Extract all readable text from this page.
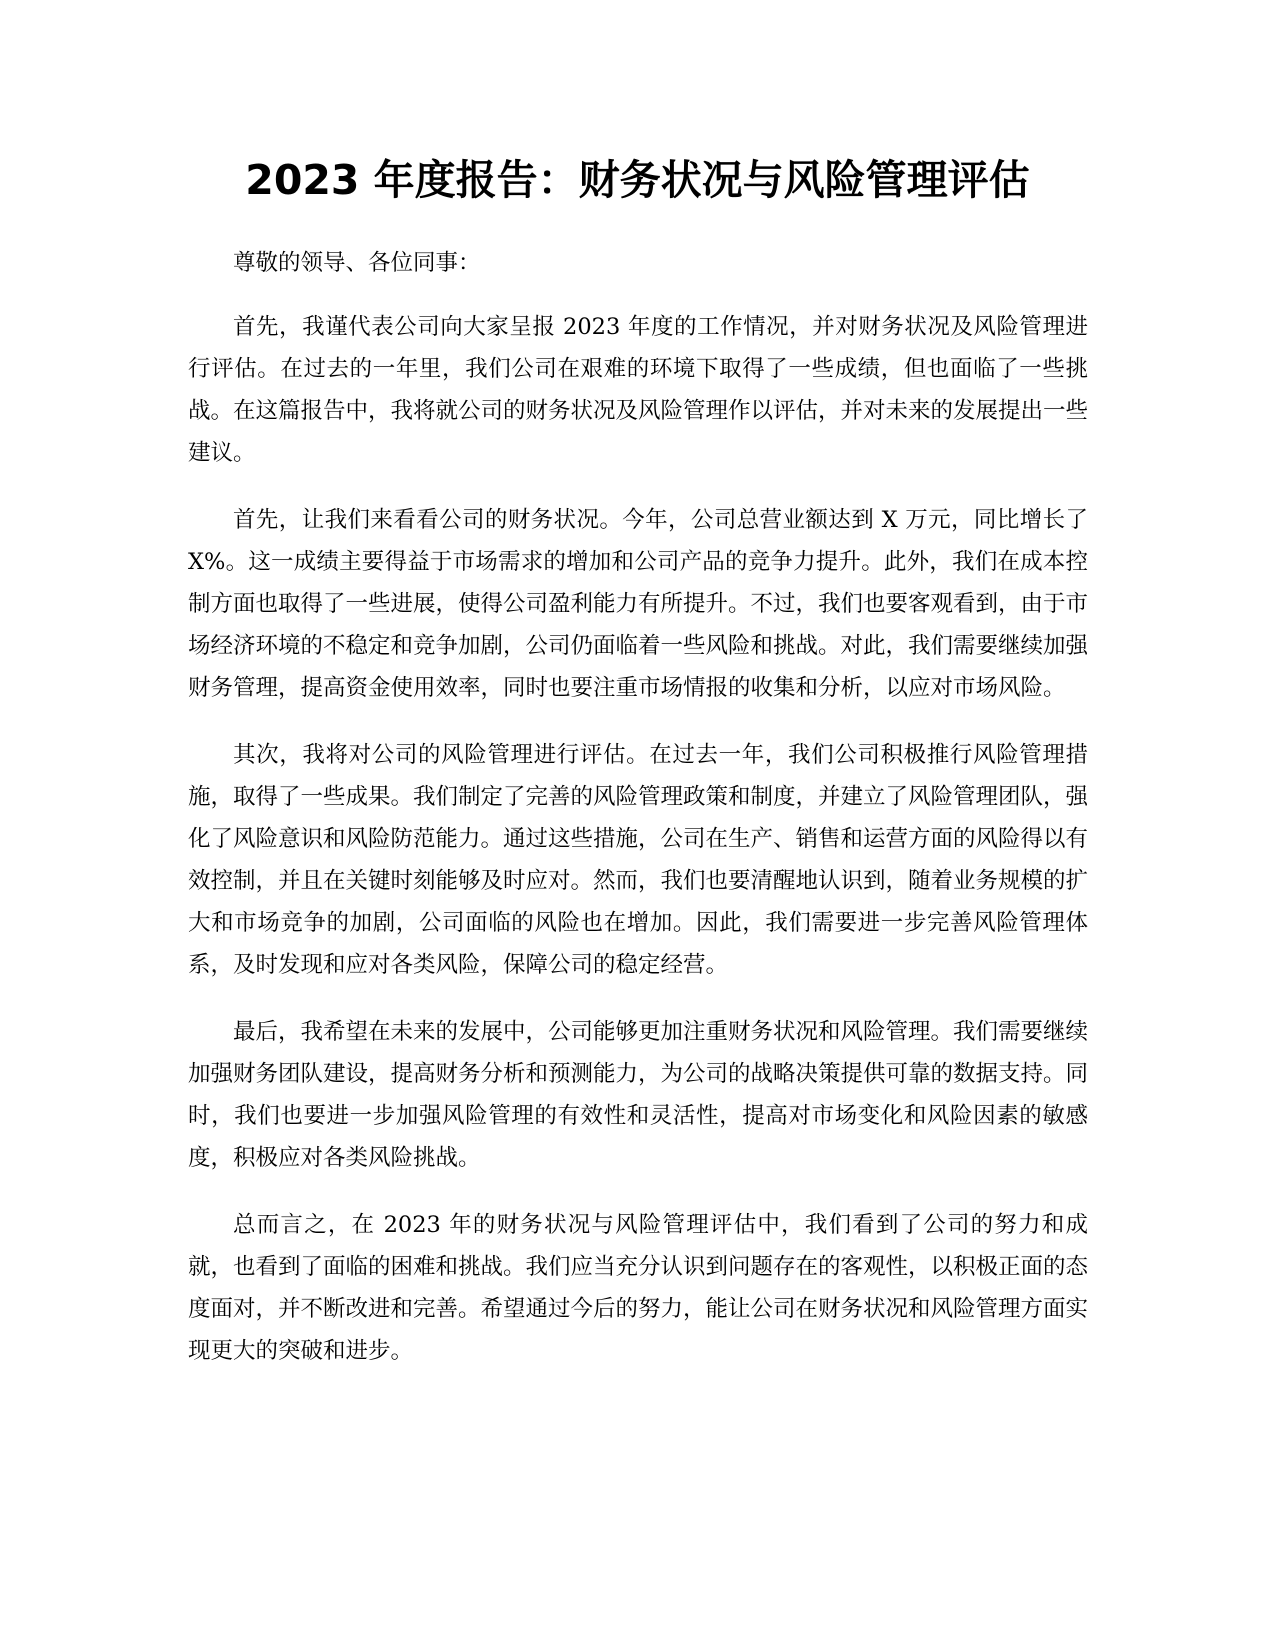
2023 年度报告：财务状况与风险管理评估

尊敬的领导、各位同事：

首先，我谨代表公司向大家呈报 2023 年度的工作情况，并对财务状况及风险管理进行评估。在过去的一年里，我们公司在艰难的环境下取得了一些成绩，但也面临了一些挑战。在这篇报告中，我将就公司的财务状况及风险管理作以评估，并对未来的发展提出一些建议。

首先，让我们来看看公司的财务状况。今年，公司总营业额达到 X 万元，同比增长了 X%。这一成绩主要得益于市场需求的增加和公司产品的竞争力提升。此外，我们在成本控制方面也取得了一些进展，使得公司盈利能力有所提升。不过，我们也要客观看到，由于市场经济环境的不稳定和竞争加剧，公司仍面临着一些风险和挑战。对此，我们需要继续加强财务管理，提高资金使用效率，同时也要注重市场情报的收集和分析，以应对市场风险。

其次，我将对公司的风险管理进行评估。在过去一年，我们公司积极推行风险管理措施，取得了一些成果。我们制定了完善的风险管理政策和制度，并建立了风险管理团队，强化了风险意识和风险防范能力。通过这些措施，公司在生产、销售和运营方面的风险得以有效控制，并且在关键时刻能够及时应对。然而，我们也要清醒地认识到，随着业务规模的扩大和市场竞争的加剧，公司面临的风险也在增加。因此，我们需要进一步完善风险管理体系，及时发现和应对各类风险，保障公司的稳定经营。

最后，我希望在未来的发展中，公司能够更加注重财务状况和风险管理。我们需要继续加强财务团队建设，提高财务分析和预测能力，为公司的战略决策提供可靠的数据支持。同时，我们也要进一步加强风险管理的有效性和灵活性，提高对市场变化和风险因素的敏感度，积极应对各类风险挑战。

总而言之，在 2023 年的财务状况与风险管理评估中，我们看到了公司的努力和成就，也看到了面临的困难和挑战。我们应当充分认识到问题存在的客观性，以积极正面的态度面对，并不断改进和完善。希望通过今后的努力，能让公司在财务状况和风险管理方面实现更大的突破和进步。
